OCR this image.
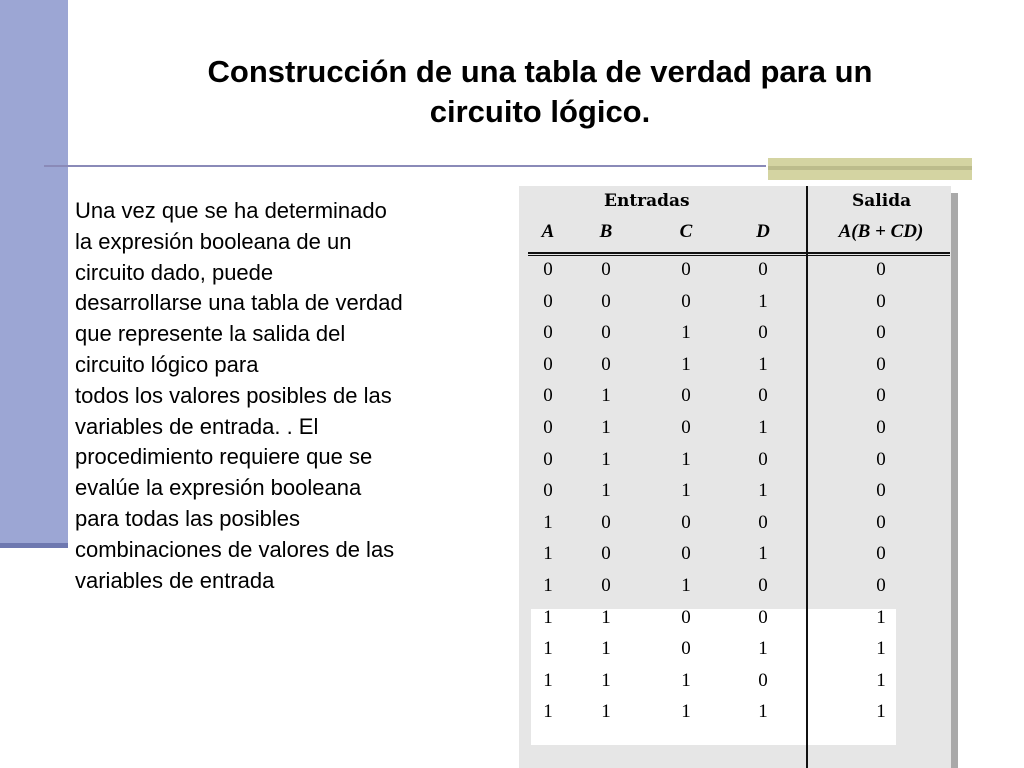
Construcción de una tabla de verdad para un
circuito lógico.
Una vez que se ha determinado
la expresión booleana de un
circuito dado, puede
desarrollarse una tabla de verdad
que represente la salida del
circuito lógico para
todos los valores posibles de las
variables de entrada. . El
procedimiento requiere que se
evalúe la expresión booleana
para todas las posibles
combinaciones de valores de las
variables de entrada
Entradas	Salida
A	B	C	D	A(B + CD)
0	0	0	0	0
0	0	0	1	0
0	0	1	0	0
0	0	1	1	0
0	1	0	0	0
0	1	0	1	0
0	1	1	0	0
0	1	1	1	0
1	0	0	0	0
1	0	0	1	0
1	0	1	0	0
1	1	0	0	1
1	1	0	1	1
1	1	1	0	1
1	1	1	1	1
